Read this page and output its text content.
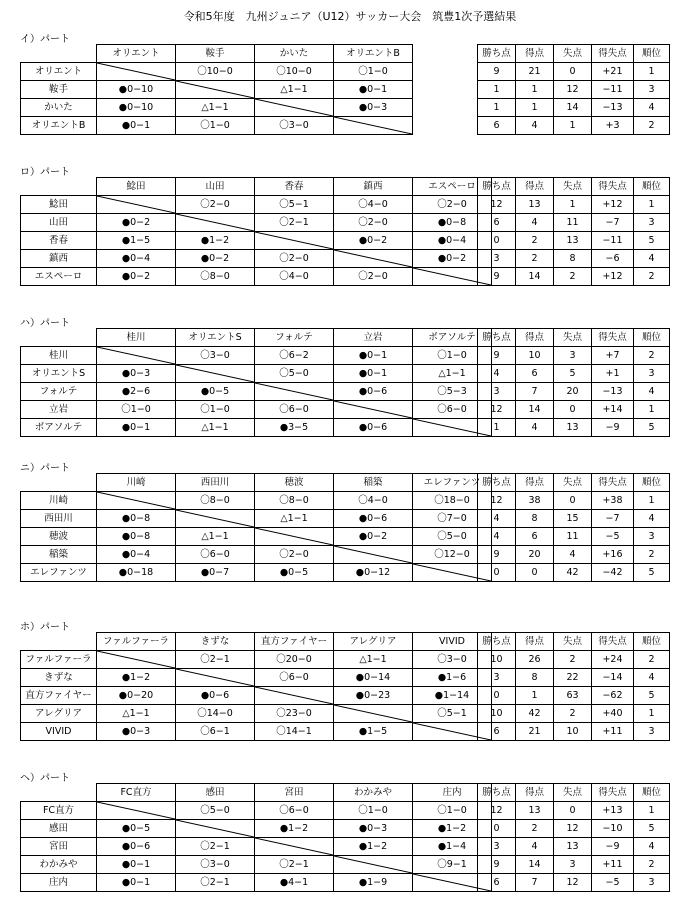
令和5年度　九州ジュニア（U12）サッカー大会　筑豊1次予選結果
イ）パート
	オリエント	鞍手	かいた	オリエントB
オリエント		〇10−0	〇10−0	〇1−0
鞍手	●0−10		△1−1	●0−1
かいた	●0−10	△1−1		●0−3
オリエントB	●0−1	〇1−0	〇3−0	
勝ち点	得点	失点	得失点	順位
9	21	0	+21	1
1	1	12	−11	3
1	1	14	−13	4
6	4	1	+3	2
ロ）パート
	鯰田	山田	香春	鎮西	エスペーロ
鯰田		〇2−0	〇5−1	〇4−0	〇2−0
山田	●0−2		〇2−1	〇2−0	●0−8
香春	●1−5	●1−2		●0−2	●0−4
鎮西	●0−4	●0−2	〇2−0		●0−2
エスペーロ	●0−2	〇8−0	〇4−0	〇2−0	
勝ち点	得点	失点	得失点	順位
12	13	1	+12	1
6	4	11	−7	3
0	2	13	−11	5
3	2	8	−6	4
9	14	2	+12	2
ハ）パート
	桂川	オリエントS	フォルテ	立岩	ボアソルテ
桂川		〇3−0	〇6−2	●0−1	〇1−0
オリエントS	●0−3		〇5−0	●0−1	△1−1
フォルテ	●2−6	●0−5		●0−6	〇5−3
立岩	〇1−0	〇1−0	〇6−0		〇6−0
ボアソルテ	●0−1	△1−1	●3−5	●0−6	
勝ち点	得点	失点	得失点	順位
9	10	3	+7	2
4	6	5	+1	3
3	7	20	−13	4
12	14	0	+14	1
1	4	13	−9	5
ニ）パート
	川崎	西田川	穂波	稲築	エレファンツ
川崎		〇8−0	〇8−0	〇4−0	〇18−0
西田川	●0−8		△1−1	●0−6	〇7−0
穂波	●0−8	△1−1		●0−2	〇5−0
稲築	●0−4	〇6−0	〇2−0		〇12−0
エレファンツ	●0−18	●0−7	●0−5	●0−12	
勝ち点	得点	失点	得失点	順位
12	38	0	+38	1
4	8	15	−7	4
4	6	11	−5	3
9	20	4	+16	2
0	0	42	−42	5
ホ）パート
	ファルファーラ	きずな	直方ファイヤー	アレグリア	VIVID
ファルファーラ		〇2−1	〇20−0	△1−1	〇3−0
きずな	●1−2		〇6−0	●0−14	●1−6
直方ファイヤー	●0−20	●0−6		●0−23	●1−14
アレグリア	△1−1	〇14−0	〇23−0		〇5−1
VIVID	●0−3	〇6−1	〇14−1	●1−5	
勝ち点	得点	失点	得失点	順位
10	26	2	+24	2
3	8	22	−14	4
0	1	63	−62	5
10	42	2	+40	1
6	21	10	+11	3
ヘ）パート
	FC直方	感田	宮田	わかみや	庄内
FC直方		〇5−0	〇6−0	〇1−0	〇1−0
感田	●0−5		●1−2	●0−3	●1−2
宮田	●0−6	〇2−1		●1−2	●1−4
わかみや	●0−1	〇3−0	〇2−1		〇9−1
庄内	●0−1	〇2−1	●4−1	●1−9	
勝ち点	得点	失点	得失点	順位
12	13	0	+13	1
0	2	12	−10	5
3	4	13	−9	4
9	14	3	+11	2
6	7	12	−5	3
